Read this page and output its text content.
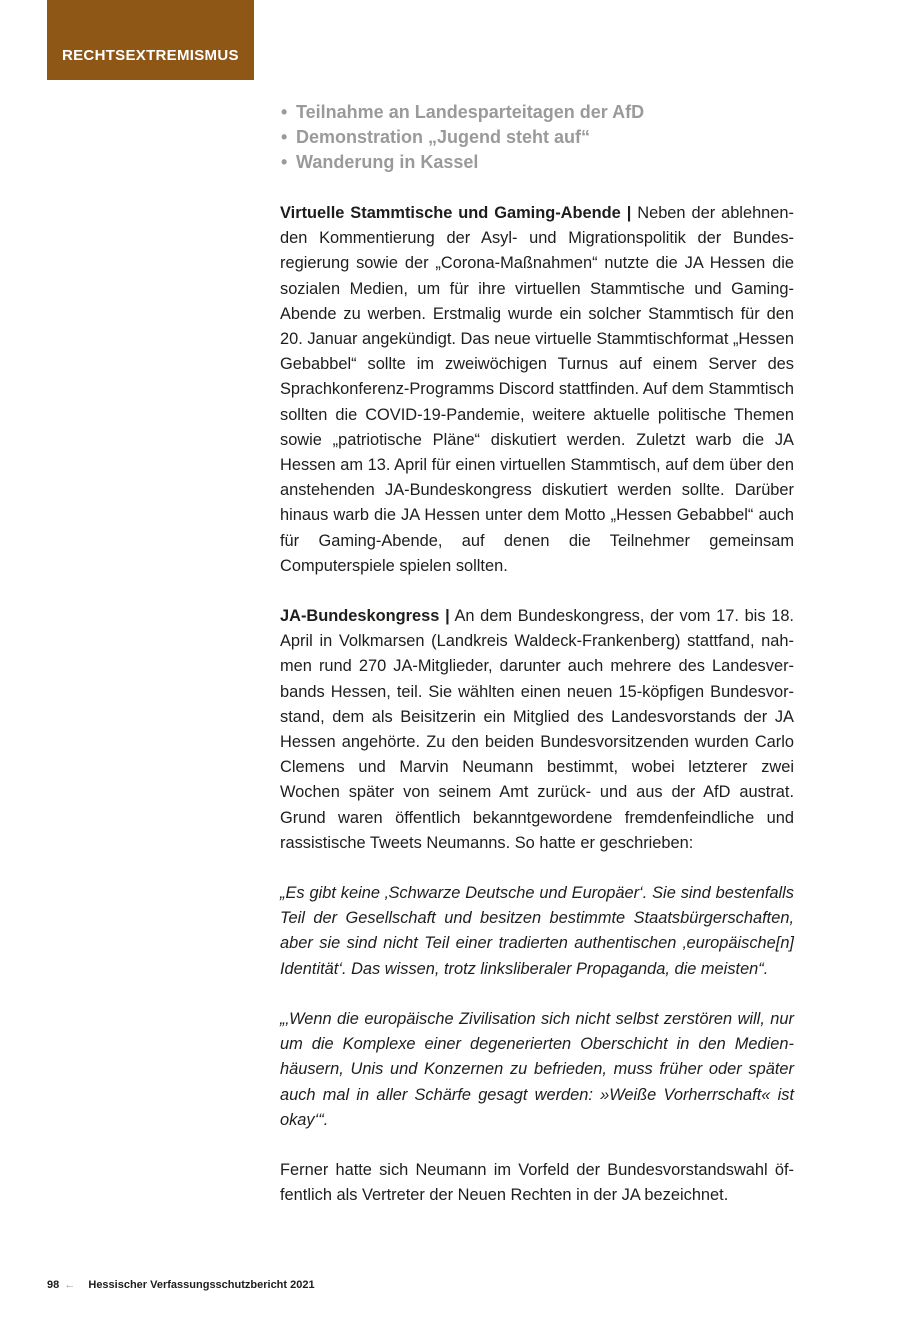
RECHTSEXTREMISMUS
• Teilnahme an Landesparteitagen der AfD
• Demonstration „Jugend steht auf“
• Wanderung in Kassel

Virtuelle Stammtische und Gaming-Abende | Neben der ablehnenden Kommentierung der Asyl- und Migrationspolitik der Bundesregierung sowie der „Corona-Maßnahmen“ nutzte die JA Hessen die sozialen Medien, um für ihre virtuellen Stammtische und Gaming-Abende zu werben. Erstmalig wurde ein solcher Stammtisch für den 20. Januar angekündigt. Das neue virtuelle Stammtischformat „Hessen Gebabbel“ sollte im zweiwöchigen Turnus auf einem Server des Sprachkonferenz-Programms Discord stattfinden. Auf dem Stammtisch sollten die COVID-19-Pandemie, weitere aktuelle politische Themen sowie „patriotische Pläne“ diskutiert werden. Zuletzt warb die JA Hessen am 13. April für einen virtuellen Stammtisch, auf dem über den anstehenden JA-Bundeskongress diskutiert werden sollte. Darüber hinaus warb die JA Hessen unter dem Motto „Hessen Gebabbel“ auch für Gaming-Abende, auf denen die Teilnehmer gemeinsam Computerspiele spielen sollten.

JA-Bundeskongress | An dem Bundeskongress, der vom 17. bis 18. April in Volkmarsen (Landkreis Waldeck-Frankenberg) stattfand, nahmen rund 270 JA-Mitglieder, darunter auch mehrere des Landesverbands Hessen, teil. Sie wählten einen neuen 15-köpfigen Bundesvorstand, dem als Beisitzerin ein Mitglied des Landesvorstands der JA Hessen angehörte. Zu den beiden Bundesvorsitzenden wurden Carlo Clemens und Marvin Neumann bestimmt, wobei letzterer zwei Wochen später von seinem Amt zurück- und aus der AfD austrat. Grund waren öffentlich bekanntgewordene fremdenfeindliche und rassistische Tweets Neumanns. So hatte er geschrieben:

„Es gibt keine ‚Schwarze Deutsche und Europäer‘. Sie sind bestenfalls Teil der Gesellschaft und besitzen bestimmte Staatsbürgerschaften, aber sie sind nicht Teil einer tradierten authentischen ‚europäische[n] Identität‘. Das wissen, trotz linksliberaler Propaganda, die meisten“.

„‚Wenn die europäische Zivilisation sich nicht selbst zerstören will, nur um die Komplexe einer degenerierten Oberschicht in den Medienhäusern, Unis und Konzernen zu befrieden, muss früher oder später auch mal in aller Schärfe gesagt werden: »Weiße Vorherrschaft« ist okay‘“.

Ferner hatte sich Neumann im Vorfeld der Bundesvorstandswahl öffentlich als Vertreter der Neuen Rechten in der JA bezeichnet.

98 ← Hessischer Verfassungsschutzbericht 2021
